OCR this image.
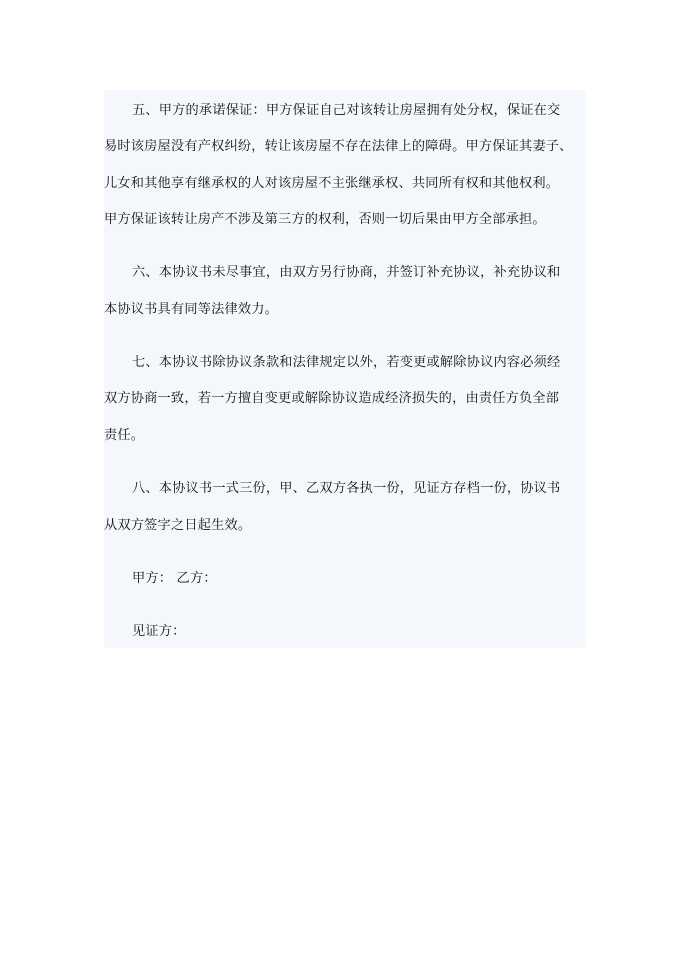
五、甲方的承诺保证：甲方保证自己对该转让房屋拥有处分权，保证在交
易时该房屋没有产权纠纷，转让该房屋不存在法律上的障碍。甲方保证其妻子、
儿女和其他享有继承权的人对该房屋不主张继承权、共同所有权和其他权利。
甲方保证该转让房产不涉及第三方的权利，否则一切后果由甲方全部承担。
六、本协议书未尽事宜，由双方另行协商，并签订补充协议，补充协议和
本协议书具有同等法律效力。
七、本协议书除协议条款和法律规定以外，若变更或解除协议内容必须经
双方协商一致，若一方擅自变更或解除协议造成经济损失的，由责任方负全部
责任。
八、本协议书一式三份，甲、乙双方各执一份，见证方存档一份，协议书
从双方签字之日起生效。
甲方： 乙方：
见证方：
